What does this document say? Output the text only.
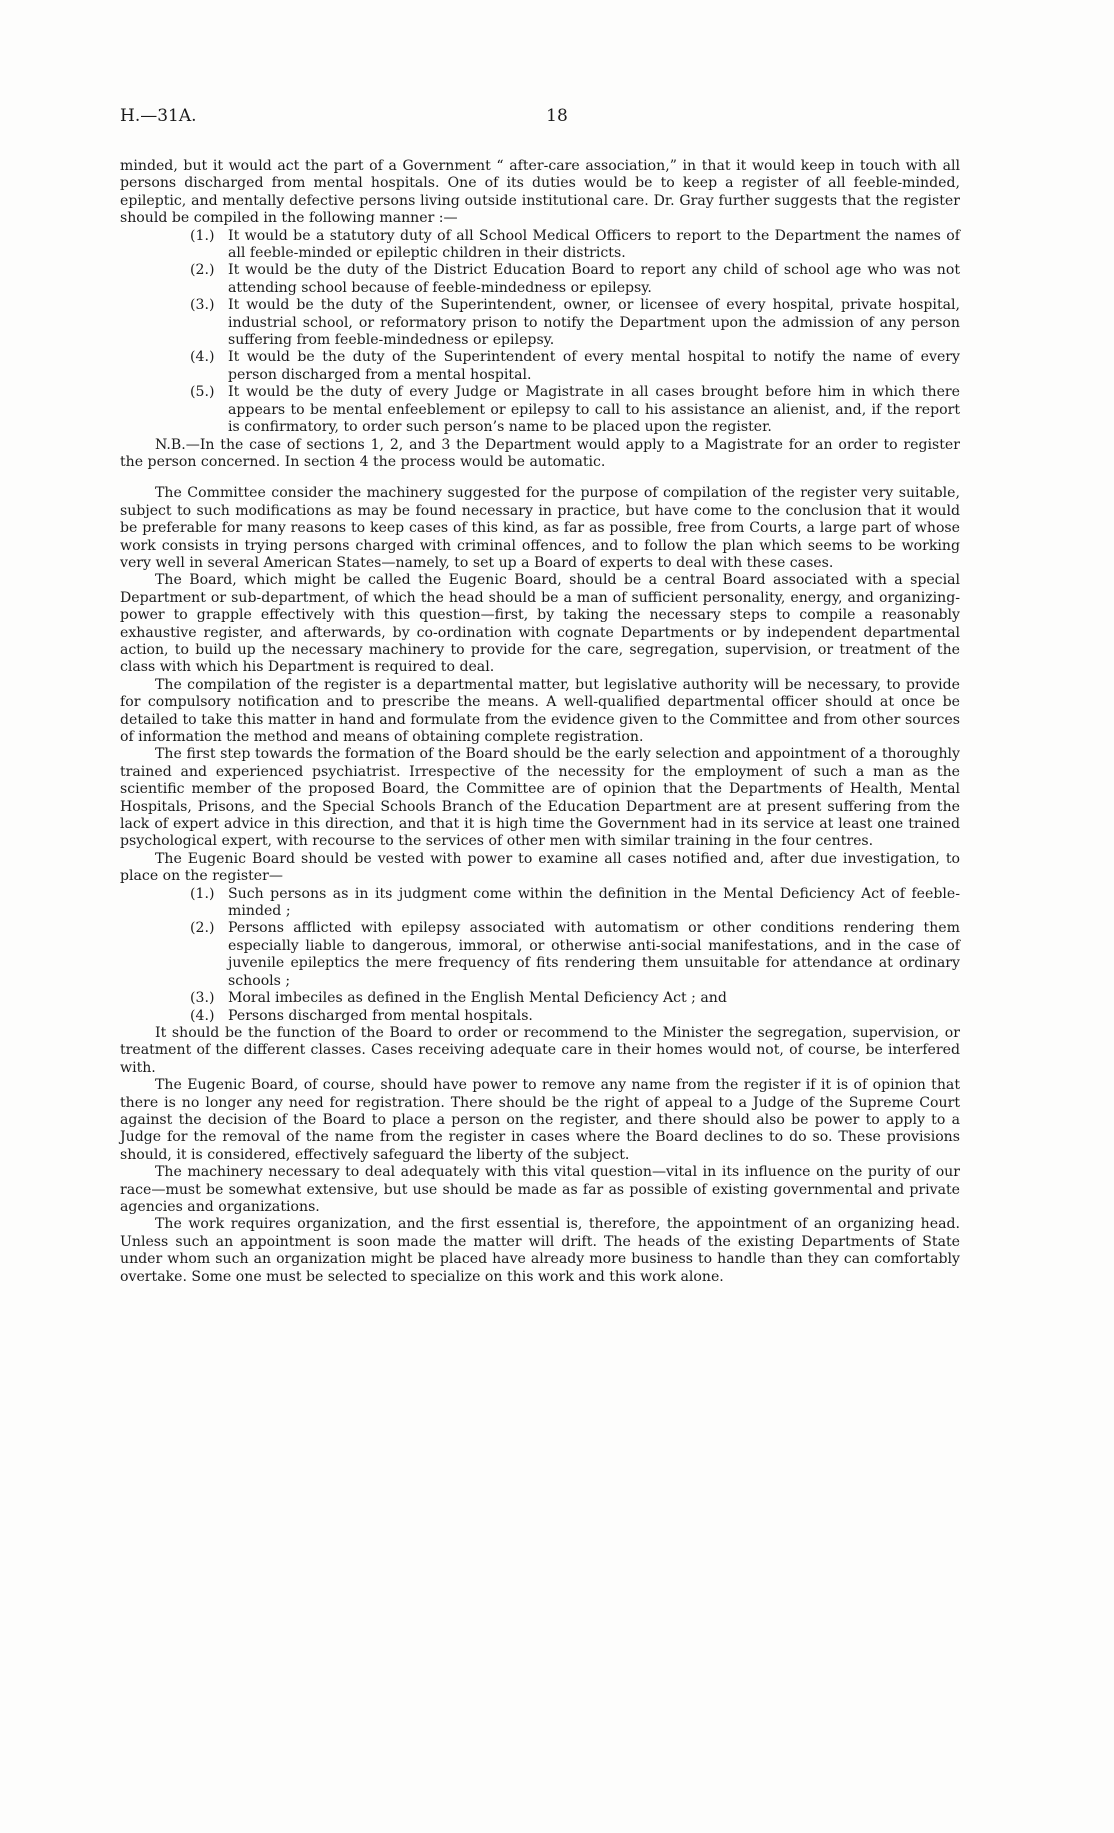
H.—31A.	18

minded, but it would act the part of a Government “ after-care association,” in that it would keep in touch with all persons discharged from mental hospitals. One of its duties would be to keep a register of all feeble-minded, epileptic, and mentally defective persons living outside institutional care. Dr. Gray further suggests that the register should be compiled in the following manner :—

(1.) It would be a statutory duty of all School Medical Officers to report to the Department the names of all feeble-minded or epileptic children in their districts.
(2.) It would be the duty of the District Education Board to report any child of school age who was not attending school because of feeble-mindedness or epilepsy.
(3.) It would be the duty of the Superintendent, owner, or licensee of every hospital, private hospital, industrial school, or reformatory prison to notify the Department upon the admission of any person suffering from feeble-mindedness or epilepsy.
(4.) It would be the duty of the Superintendent of every mental hospital to notify the name of every person discharged from a mental hospital.
(5.) It would be the duty of every Judge or Magistrate in all cases brought before him in which there appears to be mental enfeeblement or epilepsy to call to his assistance an alienist, and, if the report is confirmatory, to order such person’s name to be placed upon the register.

N.B.—In the case of sections 1, 2, and 3 the Department would apply to a Magistrate for an order to register the person concerned. In section 4 the process would be automatic.

The Committee consider the machinery suggested for the purpose of compilation of the register very suitable, subject to such modifications as may be found necessary in practice, but have come to the conclusion that it would be preferable for many reasons to keep cases of this kind, as far as possible, free from Courts, a large part of whose work consists in trying persons charged with criminal offences, and to follow the plan which seems to be working very well in several American States—namely, to set up a Board of experts to deal with these cases.

The Board, which might be called the Eugenic Board, should be a central Board associated with a special Department or sub-department, of which the head should be a man of sufficient personality, energy, and organizing-power to grapple effectively with this question—first, by taking the necessary steps to compile a reasonably exhaustive register, and afterwards, by co-ordination with cognate Departments or by independent departmental action, to build up the necessary machinery to provide for the care, segregation, supervision, or treatment of the class with which his Department is required to deal.

The compilation of the register is a departmental matter, but legislative authority will be necessary, to provide for compulsory notification and to prescribe the means. A well-qualified departmental officer should at once be detailed to take this matter in hand and formulate from the evidence given to the Committee and from other sources of information the method and means of obtaining complete registration.

The first step towards the formation of the Board should be the early selection and appointment of a thoroughly trained and experienced psychiatrist. Irrespective of the necessity for the employment of such a man as the scientific member of the proposed Board, the Committee are of opinion that the Departments of Health, Mental Hospitals, Prisons, and the Special Schools Branch of the Education Department are at present suffering from the lack of expert advice in this direction, and that it is high time the Government had in its service at least one trained psychological expert, with recourse to the services of other men with similar training in the four centres.

The Eugenic Board should be vested with power to examine all cases notified and, after due investigation, to place on the register—

(1.) Such persons as in its judgment come within the definition in the Mental Deficiency Act of feeble-minded ;
(2.) Persons afflicted with epilepsy associated with automatism or other conditions rendering them especially liable to dangerous, immoral, or otherwise anti-social manifestations, and in the case of juvenile epileptics the mere frequency of fits rendering them unsuitable for attendance at ordinary schools ;
(3.) Moral imbeciles as defined in the English Mental Deficiency Act ; and
(4.) Persons discharged from mental hospitals.

It should be the function of the Board to order or recommend to the Minister the segregation, supervision, or treatment of the different classes. Cases receiving adequate care in their homes would not, of course, be interfered with.

The Eugenic Board, of course, should have power to remove any name from the register if it is of opinion that there is no longer any need for registration. There should be the right of appeal to a Judge of the Supreme Court against the decision of the Board to place a person on the register, and there should also be power to apply to a Judge for the removal of the name from the register in cases where the Board declines to do so. These provisions should, it is considered, effectively safeguard the liberty of the subject.

The machinery necessary to deal adequately with this vital question—vital in its influence on the purity of our race—must be somewhat extensive, but use should be made as far as possible of existing governmental and private agencies and organizations.

The work requires organization, and the first essential is, therefore, the appointment of an organizing head. Unless such an appointment is soon made the matter will drift. The heads of the existing Departments of State under whom such an organization might be placed have already more business to handle than they can comfortably overtake. Some one must be selected to specialize on this work and this work alone.
